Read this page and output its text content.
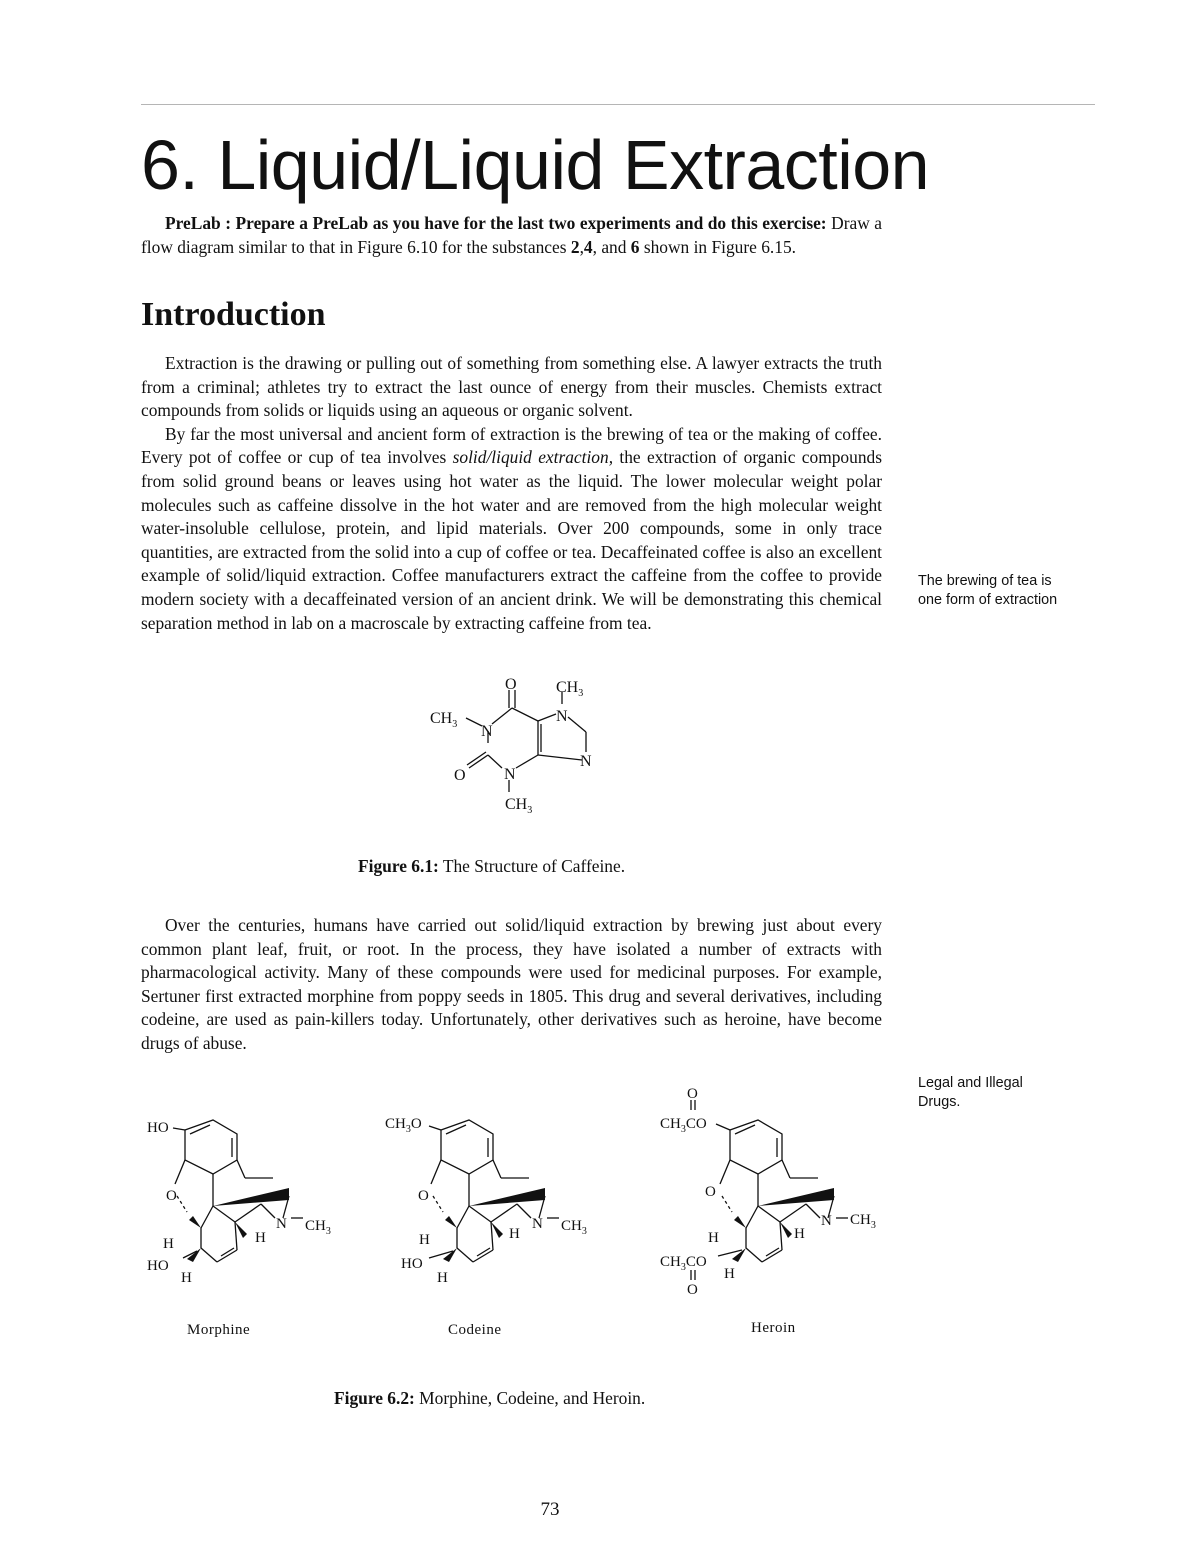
6. Liquid/Liquid Extraction

PreLab : Prepare a PreLab as you have for the last two experiments and do this exercise: Draw a flow diagram similar to that in Figure 6.10 for the substances 2,4, and 6 shown in Figure 6.15.

Introduction

Extraction is the drawing or pulling out of something from something else. A lawyer extracts the truth from a criminal; athletes try to extract the last ounce of energy from their muscles. Chemists extract compounds from solids or liquids using an aqueous or organic solvent.

By far the most universal and ancient form of extraction is the brewing of tea or the making of coffee. Every pot of coffee or cup of tea involves solid/liquid extraction, the extraction of organic compounds from solid ground beans or leaves using hot water as the liquid. The lower molecular weight polar molecules such as caffeine dissolve in the hot water and are removed from the high molecular weight water-insoluble cellulose, protein, and lipid materials. Over 200 compounds, some in only trace quantities, are extracted from the solid into a cup of coffee or tea. Decaffeinated coffee is also an excellent example of solid/liquid extraction. Coffee manufacturers extract the caffeine from the coffee to provide modern society with a decaffeinated version of an ancient drink. We will be demonstrating this chemical separation method in lab on a macroscale by extracting caffeine from tea.

The brewing of tea is one form of extraction
O
N
$CH_3$
N
$CH_3$
N
N
O
$CH_3$
Figure 6.1: The Structure of Caffeine.

Over the centuries, humans have carried out solid/liquid extraction by brewing just about every common plant leaf, fruit, or root. In the process, they have isolated a number of extracts with pharmacological activity. Many of these compounds were used for medicinal purposes. For example, Sertuner first extracted morphine from poppy seeds in 1805. This drug and several derivatives, including codeine, are used as pain-killers today. Unfortunately, other derivatives such as heroine, have become drugs of abuse.

Legal and Illegal Drugs.
HO
O
H	H
HO
H
N $CH_3$
Morphine
$CH_3O$
O
H	H
HO
H
N $CH_3$
Codeine
O
$CH_3CO$
O
H	H
$CH_3CO$
H
O
N $CH_3$
Heroin
Figure 6.2: Morphine, Codeine, and Heroin.
73
